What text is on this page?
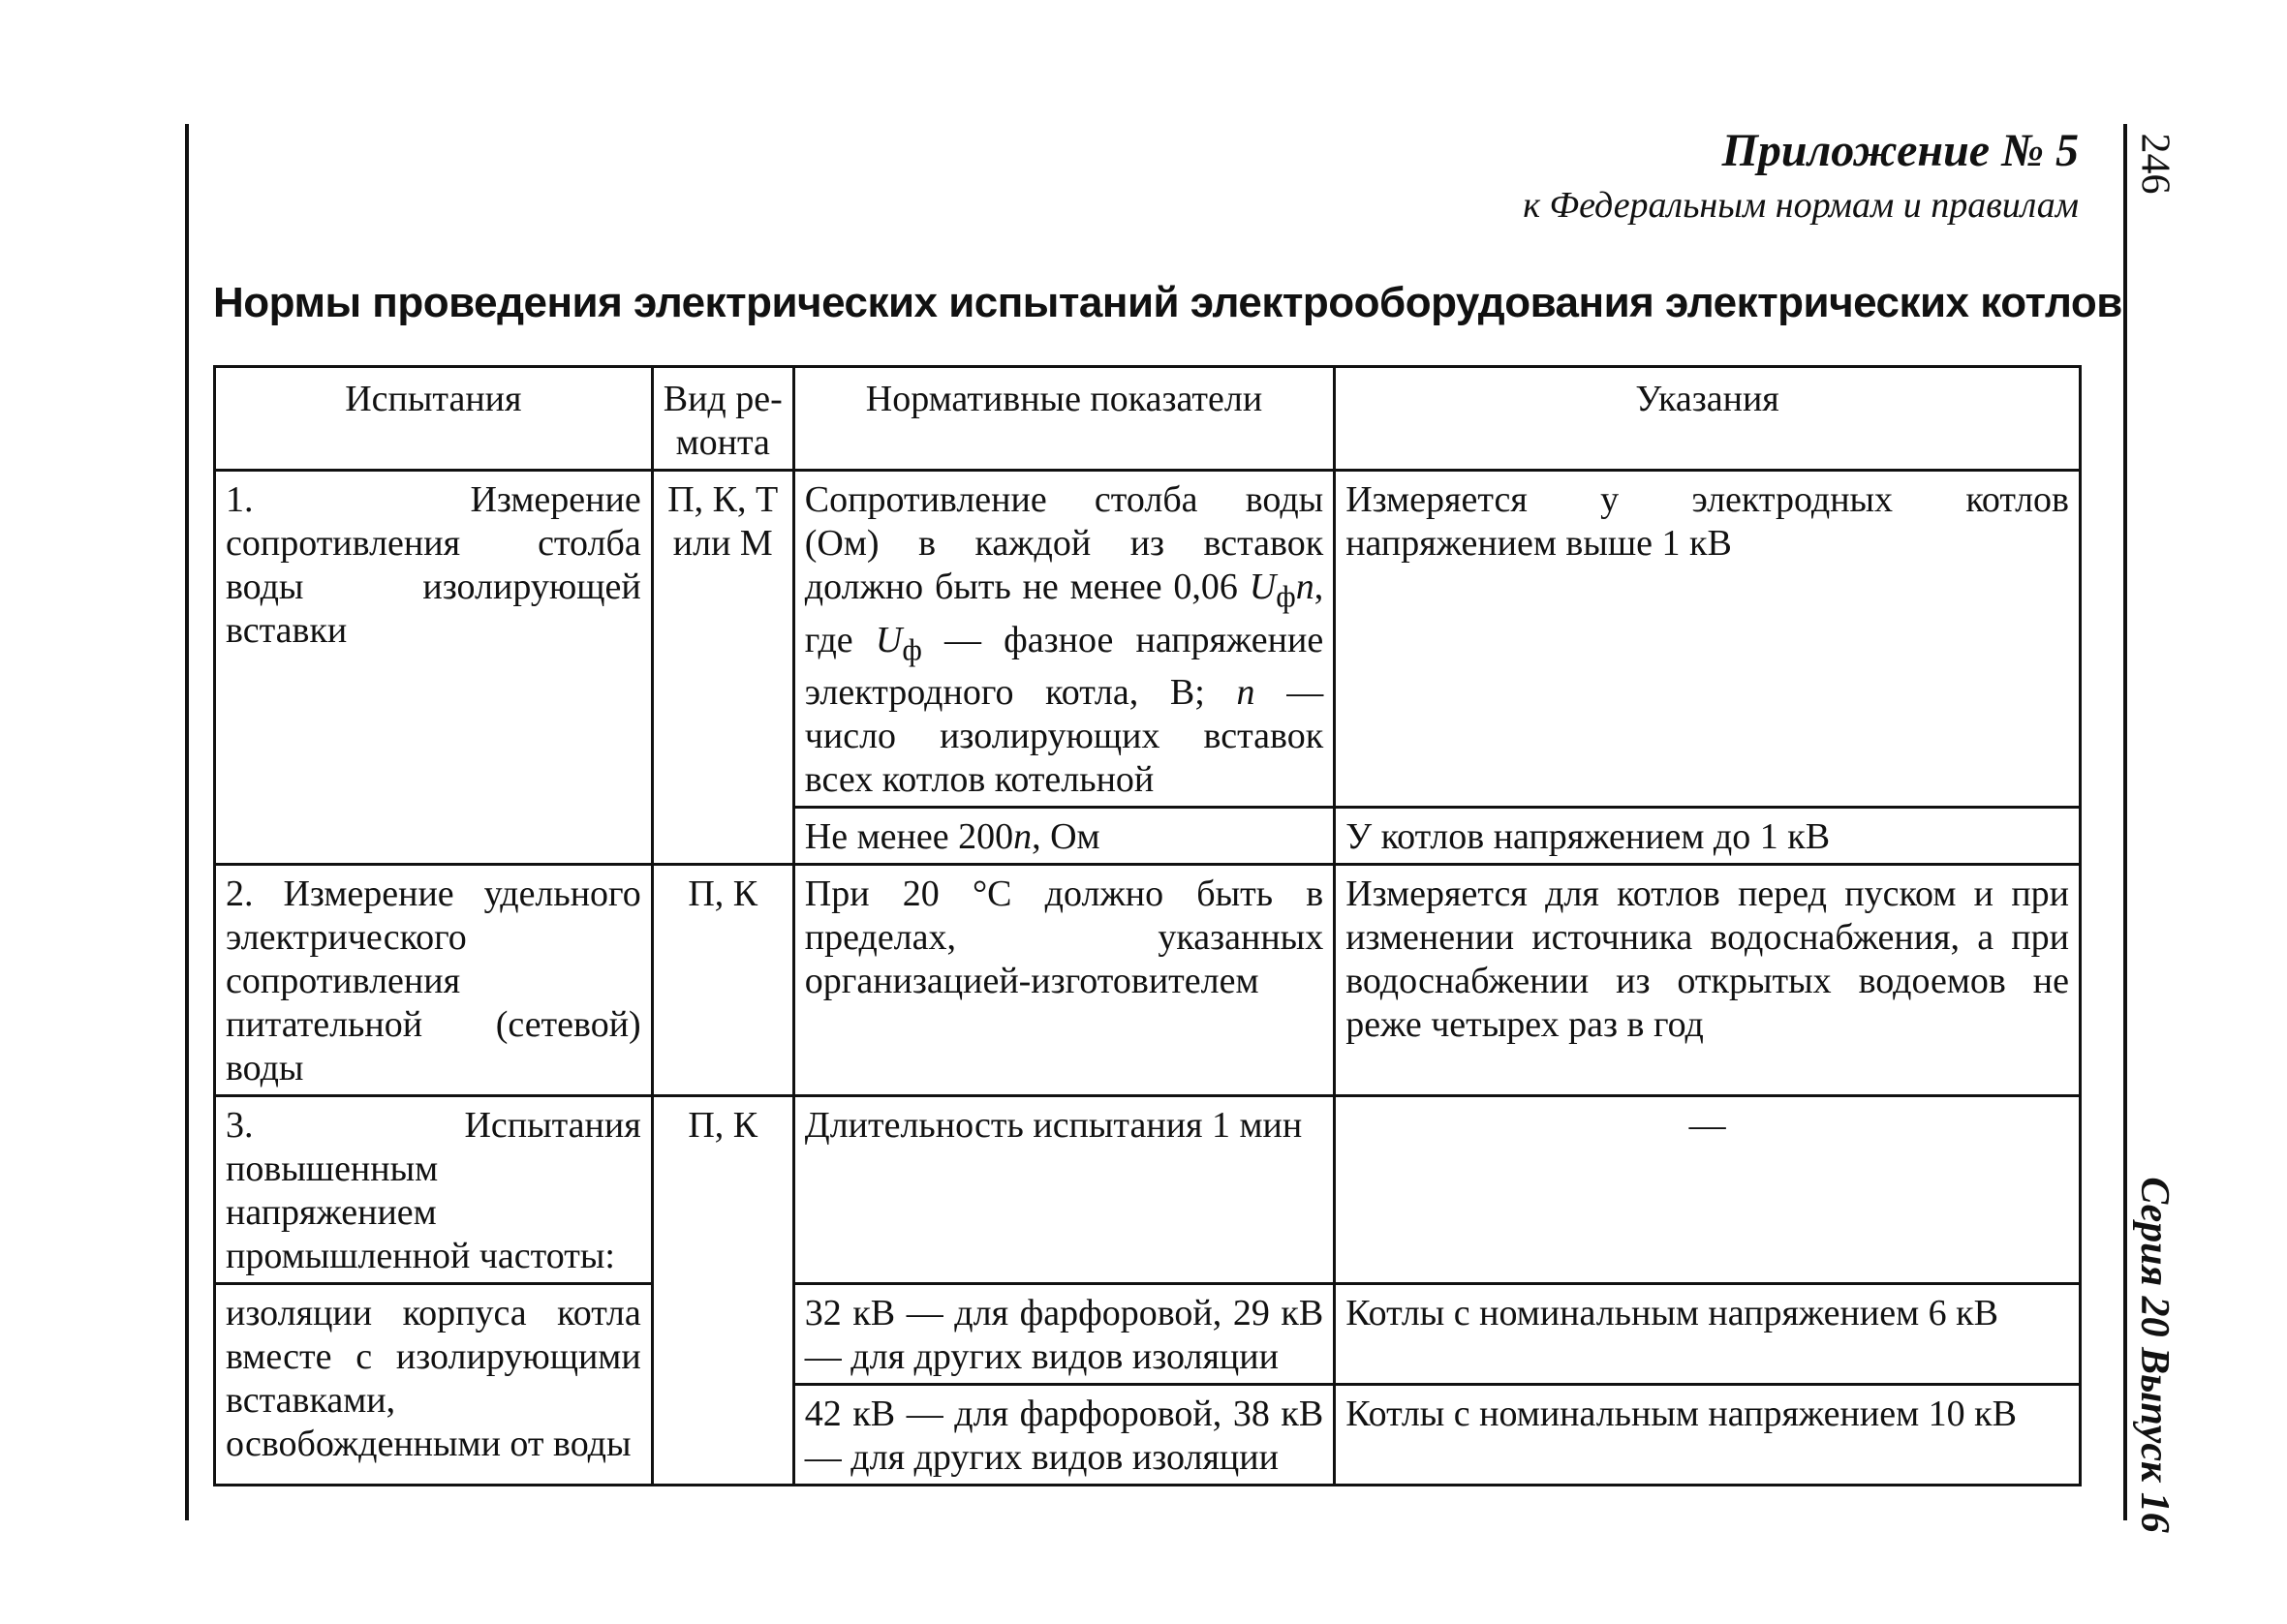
246
Серия 20 Выпуск 16
Приложение № 5
к Федеральным нормам и правилам
Нормы проведения электрических испытаний электрооборудования электрических котлов
Испытания	Вид ре-монта	Нормативные показатели	Указания
1. Измерение сопротивления столба воды изолирующей вставки	П, К, Т или М	Сопротивление столба воды (Ом) в каждой из вставок должно быть не менее 0,06 $U_фn$, где $U_ф$ — фазное напряжение электродного котла, В; n — число изолирующих вставок всех котлов котельной	Измеряется у электродных котлов напряжением выше 1 кВ
		Не менее 200n, Ом	У котлов напряжением до 1 кВ
2. Измерение удельного электрического сопротивления питательной (сетевой) воды	П, К	При 20 °С должно быть в пределах, указанных организацией-изготовителем	Измеряется для котлов перед пуском и при изменении источника водоснабжения, а при водоснабжении из открытых водоемов не реже четырех раз в год
3. Испытания повышенным напряжением промышленной частоты:	П, К	Длительность испытания 1 мин	—
изоляции корпуса котла вместе с изолирующими вставками, освобожденными от воды		32 кВ — для фарфоровой, 29 кВ — для других видов изоляции	Котлы с номинальным напряжением 6 кВ
		42 кВ — для фарфоровой, 38 кВ — для других видов изоляции	Котлы с номинальным напряжением 10 кВ
